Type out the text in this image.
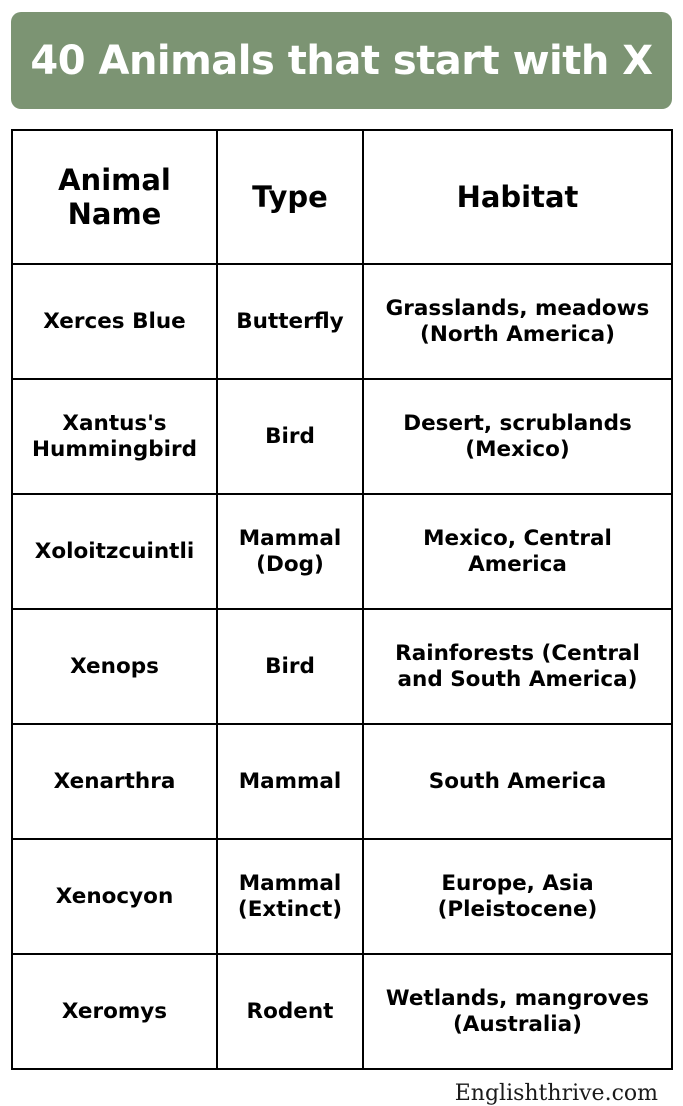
40 Animals that start with X
Animal Name	Type	Habitat
Xerces Blue	Butterfly	Grasslands, meadows (North America)
Xantus's Hummingbird	Bird	Desert, scrublands (Mexico)
Xoloitzcuintli	Mammal (Dog)	Mexico, Central America
Xenops	Bird	Rainforests (Central and South America)
Xenarthra	Mammal	South America
Xenocyon	Mammal (Extinct)	Europe, Asia (Pleistocene)
Xeromys	Rodent	Wetlands, mangroves (Australia)
Englishthrive.com
